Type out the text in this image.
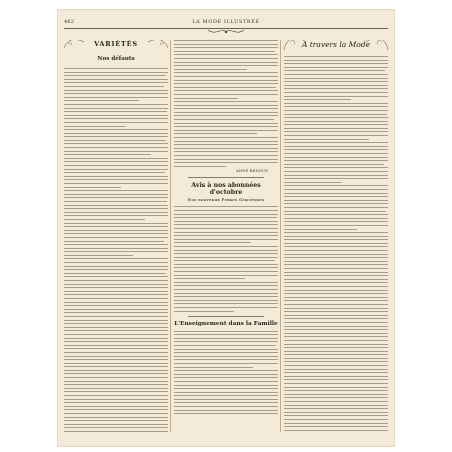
462	LA MODE ILLUSTRÉE
VARIÉTÉS
Nos défauts
ANNE RENOUX
Avis à nos abonnées d'octobre
Nos nouveaux Primes Gracieuses
L'Enseignement dans la Famille
A travers la Mode
